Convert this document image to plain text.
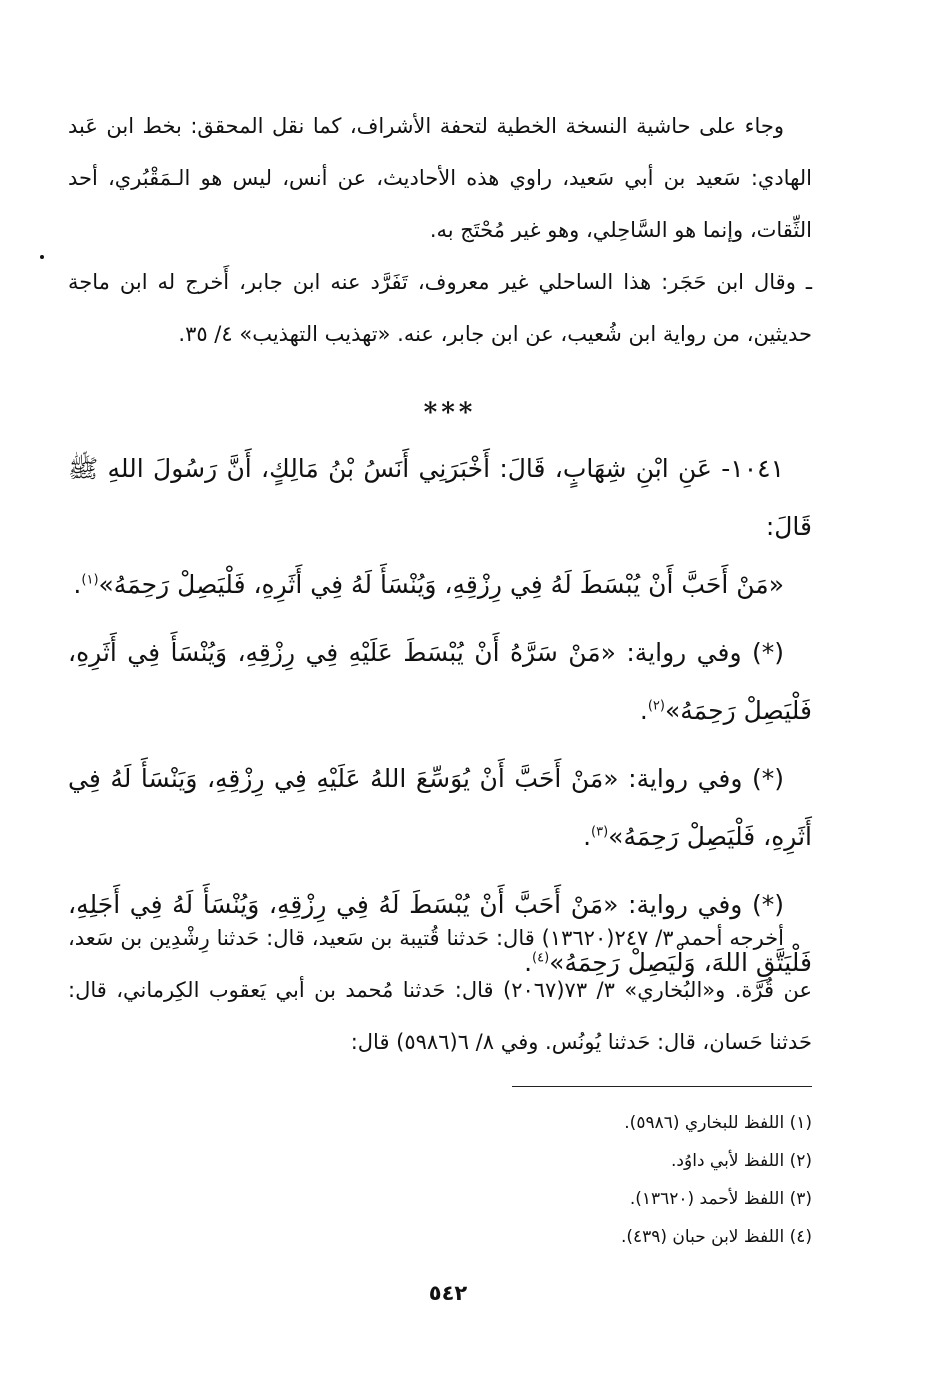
وجاء على حاشية النسخة الخطية لتحفة الأشراف، كما نقل المحقق: بخط ابن عَبد الهادي: سَعيد بن أبي سَعيد، راوي هذه الأحاديث، عن أنس، ليس هو الـمَقْبُري، أحد الثِّقات، وإنما هو السَّاحِلي، وهو غير مُحْتَج به.

ـ وقال ابن حَجَر: هذا الساحلي غير معروف، تَفَرَّد عنه ابن جابر، أَخرج له ابن ماجة حديثين، من رواية ابن شُعيب، عن ابن جابر، عنه. «تهذيب التهذيب» ٤/ ٣٥.

***

١٠٤١- عَنِ ابْنِ شِهَابٍ، قَالَ: أَخْبَرَنِي أَنَسُ بْنُ مَالِكٍ، أَنَّ رَسُولَ اللهِ ﷺ قَالَ:

«مَنْ أَحَبَّ أَنْ يُبْسَطَ لَهُ فِي رِزْقِهِ، وَيُنْسَأَ لَهُ فِي أَثَرِهِ، فَلْيَصِلْ رَحِمَهُ»$^{(١)}$.

(*) وفي رواية: «مَنْ سَرَّهُ أَنْ يُبْسَطَ عَلَيْهِ فِي رِزْقِهِ، وَيُنْسَأَ فِي أَثَرِهِ، فَلْيَصِلْ رَحِمَهُ»$^{(٢)}$.

(*) وفي رواية: «مَنْ أَحَبَّ أَنْ يُوَسِّعَ اللهُ عَلَيْهِ فِي رِزْقِهِ، وَيَنْسَأَ لَهُ فِي أَثَرِهِ، فَلْيَصِلْ رَحِمَهُ»$^{(٣)}$.

(*) وفي رواية: «مَنْ أَحَبَّ أَنْ يُبْسَطَ لَهُ فِي رِزْقِهِ، وَيُنْسَأَ لَهُ فِي أَجَلِهِ، فَلْيَتَّقِ اللهَ، وَلْيَصِلْ رَحِمَهُ»$^{(٤)}$.

أخرجه أحمد ٣/ ٢٤٧(١٣٦٢٠) قال: حَدثنا قُتيبة بن سَعيد، قال: حَدثنا رِشْدِين بن سَعد، عن قُرَّة. و«البُخاري» ٣/ ٧٣(٢٠٦٧) قال: حَدثنا مُحمد بن أبي يَعقوب الكِرماني، قال: حَدثنا حَسان، قال: حَدثنا يُونُس. وفي ٨/ ٦(٥٩٨٦) قال:

(١) اللفظ للبخاري (٥٩٨٦).
(٢) اللفظ لأبي داوُد.
(٣) اللفظ لأحمد (١٣٦٢٠).
(٤) اللفظ لابن حبان (٤٣٩).
٥٤٢
